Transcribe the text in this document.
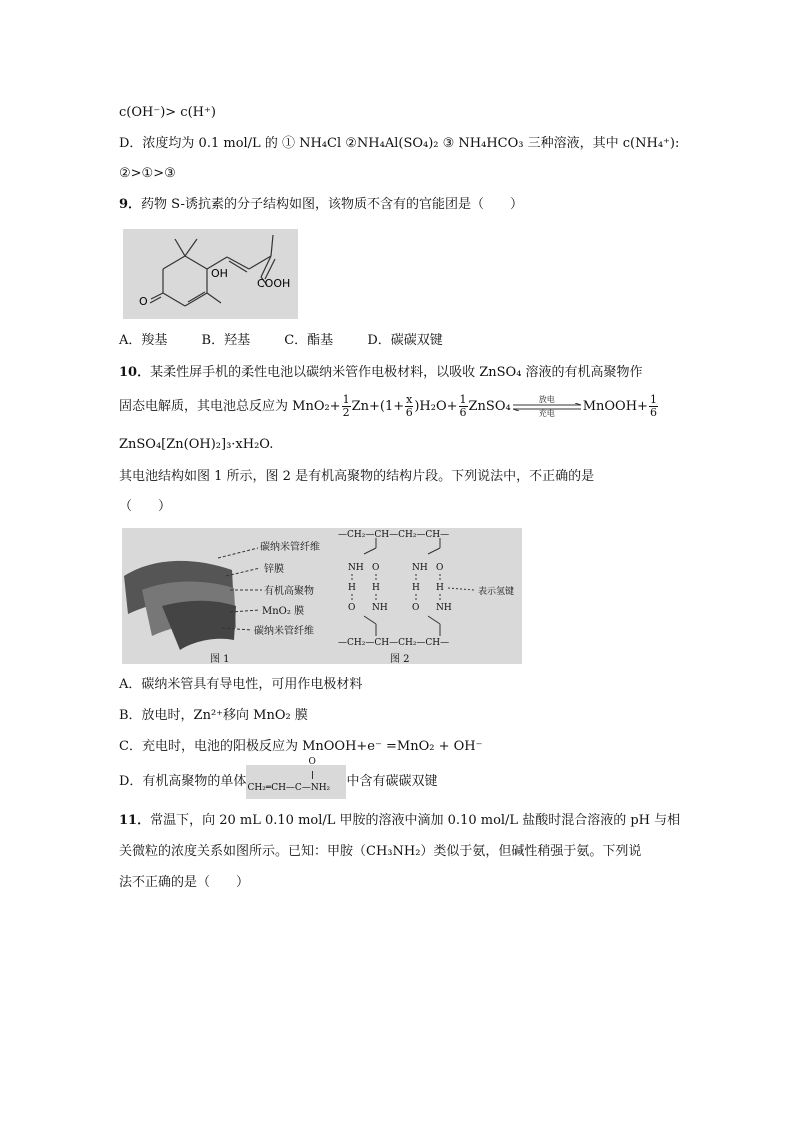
c(OH⁻)> c(H⁺)
D．浓度均为 0.1 mol/L 的 ① NH₄Cl ②NH₄Al(SO₄)₂ ③ NH₄HCO₃ 三种溶液，其中 c(NH₄⁺):
②>①>③
9．药物 S-诱抗素的分子结构如图，该物质不含有的官能团是（　　）
OH
COOH
O
A．羧基	B．羟基	C．酯基	D．碳碳双键
10．某柔性屏手机的柔性电池以碳纳米管作电极材料，以吸收 ZnSO₄ 溶液的有机高聚物作
固态电解质，其电池总反应为 $MnO_2+ \frac{1}{2} Zn+(1+ \frac{x}{6} )H_2O+ \frac{1}{6}$ ZnSO₄	放电
充电	MnOOH+ $\frac{1}{6}$
ZnSO₄[Zn(OH)₂]₃·xH₂O.
其电池结构如图 1 所示，图 2 是有机高聚物的结构片段。下列说法中，不正确的是
（　　）
碳纳米管纤维
锌膜
有机高聚物
MnO₂ 膜
碳纳米管纤维
图 1	图 2
—CH₂—CH—CH₂—CH—
—CH₂—CH—CH₂—CH—
NH O
H H
O NH
NH O
H H
O NH
表示氢键
A．碳纳米管具有导电性，可用作电极材料
B．放电时，Zn²⁺移向 MnO₂ 膜
C．充电时，电池的阳极反应为 MnOOH+e⁻ =MnO₂ + OH⁻
D．有机高聚物的单体
O
CH₂═CH—C—NH₂ 中含有碳碳双键
11．常温下，向 20 mL 0.10 mol/L 甲胺的溶液中滴加 0.10 mol/L 盐酸时混合溶液的 pH 与相
关微粒的浓度关系如图所示。已知：甲胺（CH₃NH₂）类似于氨，但碱性稍强于氨。下列说
法不正确的是（　　）
